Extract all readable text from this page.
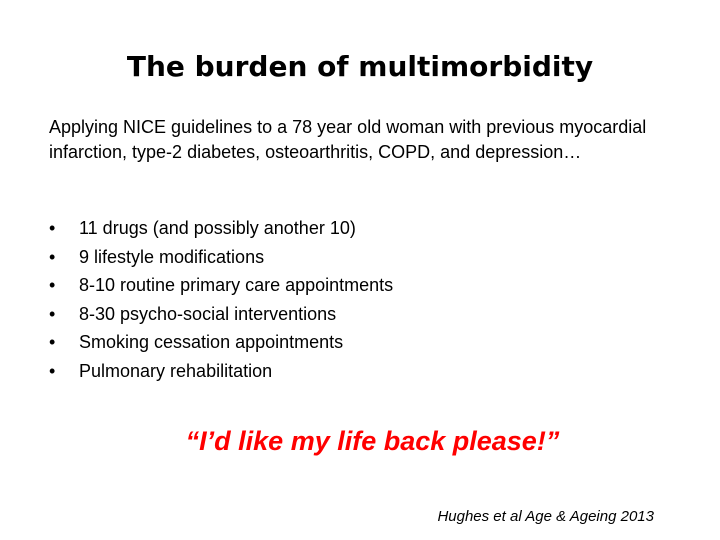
The burden of multimorbidity
Applying NICE guidelines to a 78 year old woman with previous myocardial infarction, type-2 diabetes, osteoarthritis, COPD, and depression…
• 11 drugs (and possibly another 10)
• 9 lifestyle modifications
• 8-10 routine primary care appointments
• 8-30 psycho-social interventions
• Smoking cessation appointments
• Pulmonary rehabilitation
“I’d like my life back please!”
Hughes et al Age & Ageing 2013
